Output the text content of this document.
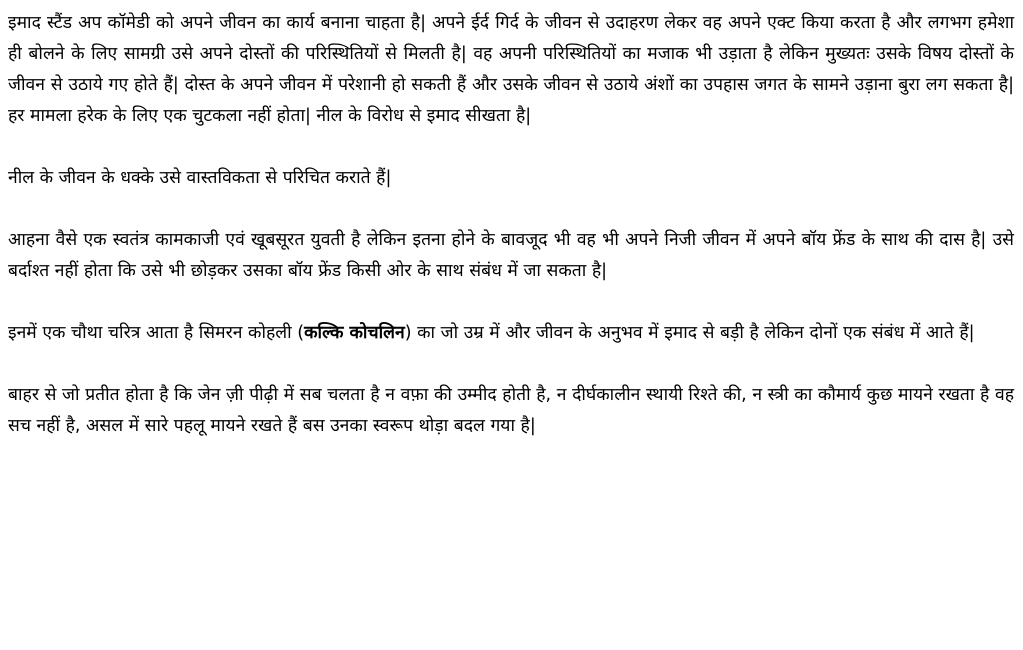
इमाद स्टैंड अप कॉमेडी को अपने जीवन का कार्य बनाना चाहता है| अपने ईर्द गिर्द के जीवन से उदाहरण लेकर वह अपने एक्ट किया करता है और लगभग हमेशा ही बोलने के लिए सामग्री उसे अपने दोस्तों की परिस्थितियों से मिलती है| वह अपनी परिस्थितियों का मजाक भी उड़ाता है लेकिन मुख्यतः उसके विषय दोस्तों के जीवन से उठाये गए होते हैं| दोस्त के अपने जीवन में परेशानी हो सकती हैं और उसके जीवन से उठाये अंशों का उपहास जगत के सामने उड़ाना बुरा लग सकता है| हर मामला हरेक के लिए एक चुटकला नहीं होता| नील के विरोध से इमाद सीखता है|

नील के जीवन के धक्के उसे वास्तविकता से परिचित कराते हैं|

आहना वैसे एक स्वतंत्र कामकाजी एवं खूबसूरत युवती है लेकिन इतना होने के बावजूद भी वह भी अपने निजी जीवन में अपने बॉय फ्रेंड के साथ की दास है| उसे बर्दाश्त नहीं होता कि उसे भी छोड़कर उसका बॉय फ्रेंड किसी ओर के साथ संबंध में जा सकता है|

इनमें एक चौथा चरित्र आता है सिमरन कोहली (कल्कि कोचलिन) का जो उम्र में और जीवन के अनुभव में इमाद से बड़ी है लेकिन दोनों एक संबंध में आते हैं|

बाहर से जो प्रतीत होता है कि जेन ज़ी पीढ़ी में सब चलता है न वफ़ा की उम्मीद होती है, न दीर्घकालीन स्थायी रिश्ते की, न स्त्री का कौमार्य कुछ मायने रखता है वह सच नहीं है, असल में सारे पहलू मायने रखते हैं बस उनका स्वरूप थोड़ा बदल गया है|
